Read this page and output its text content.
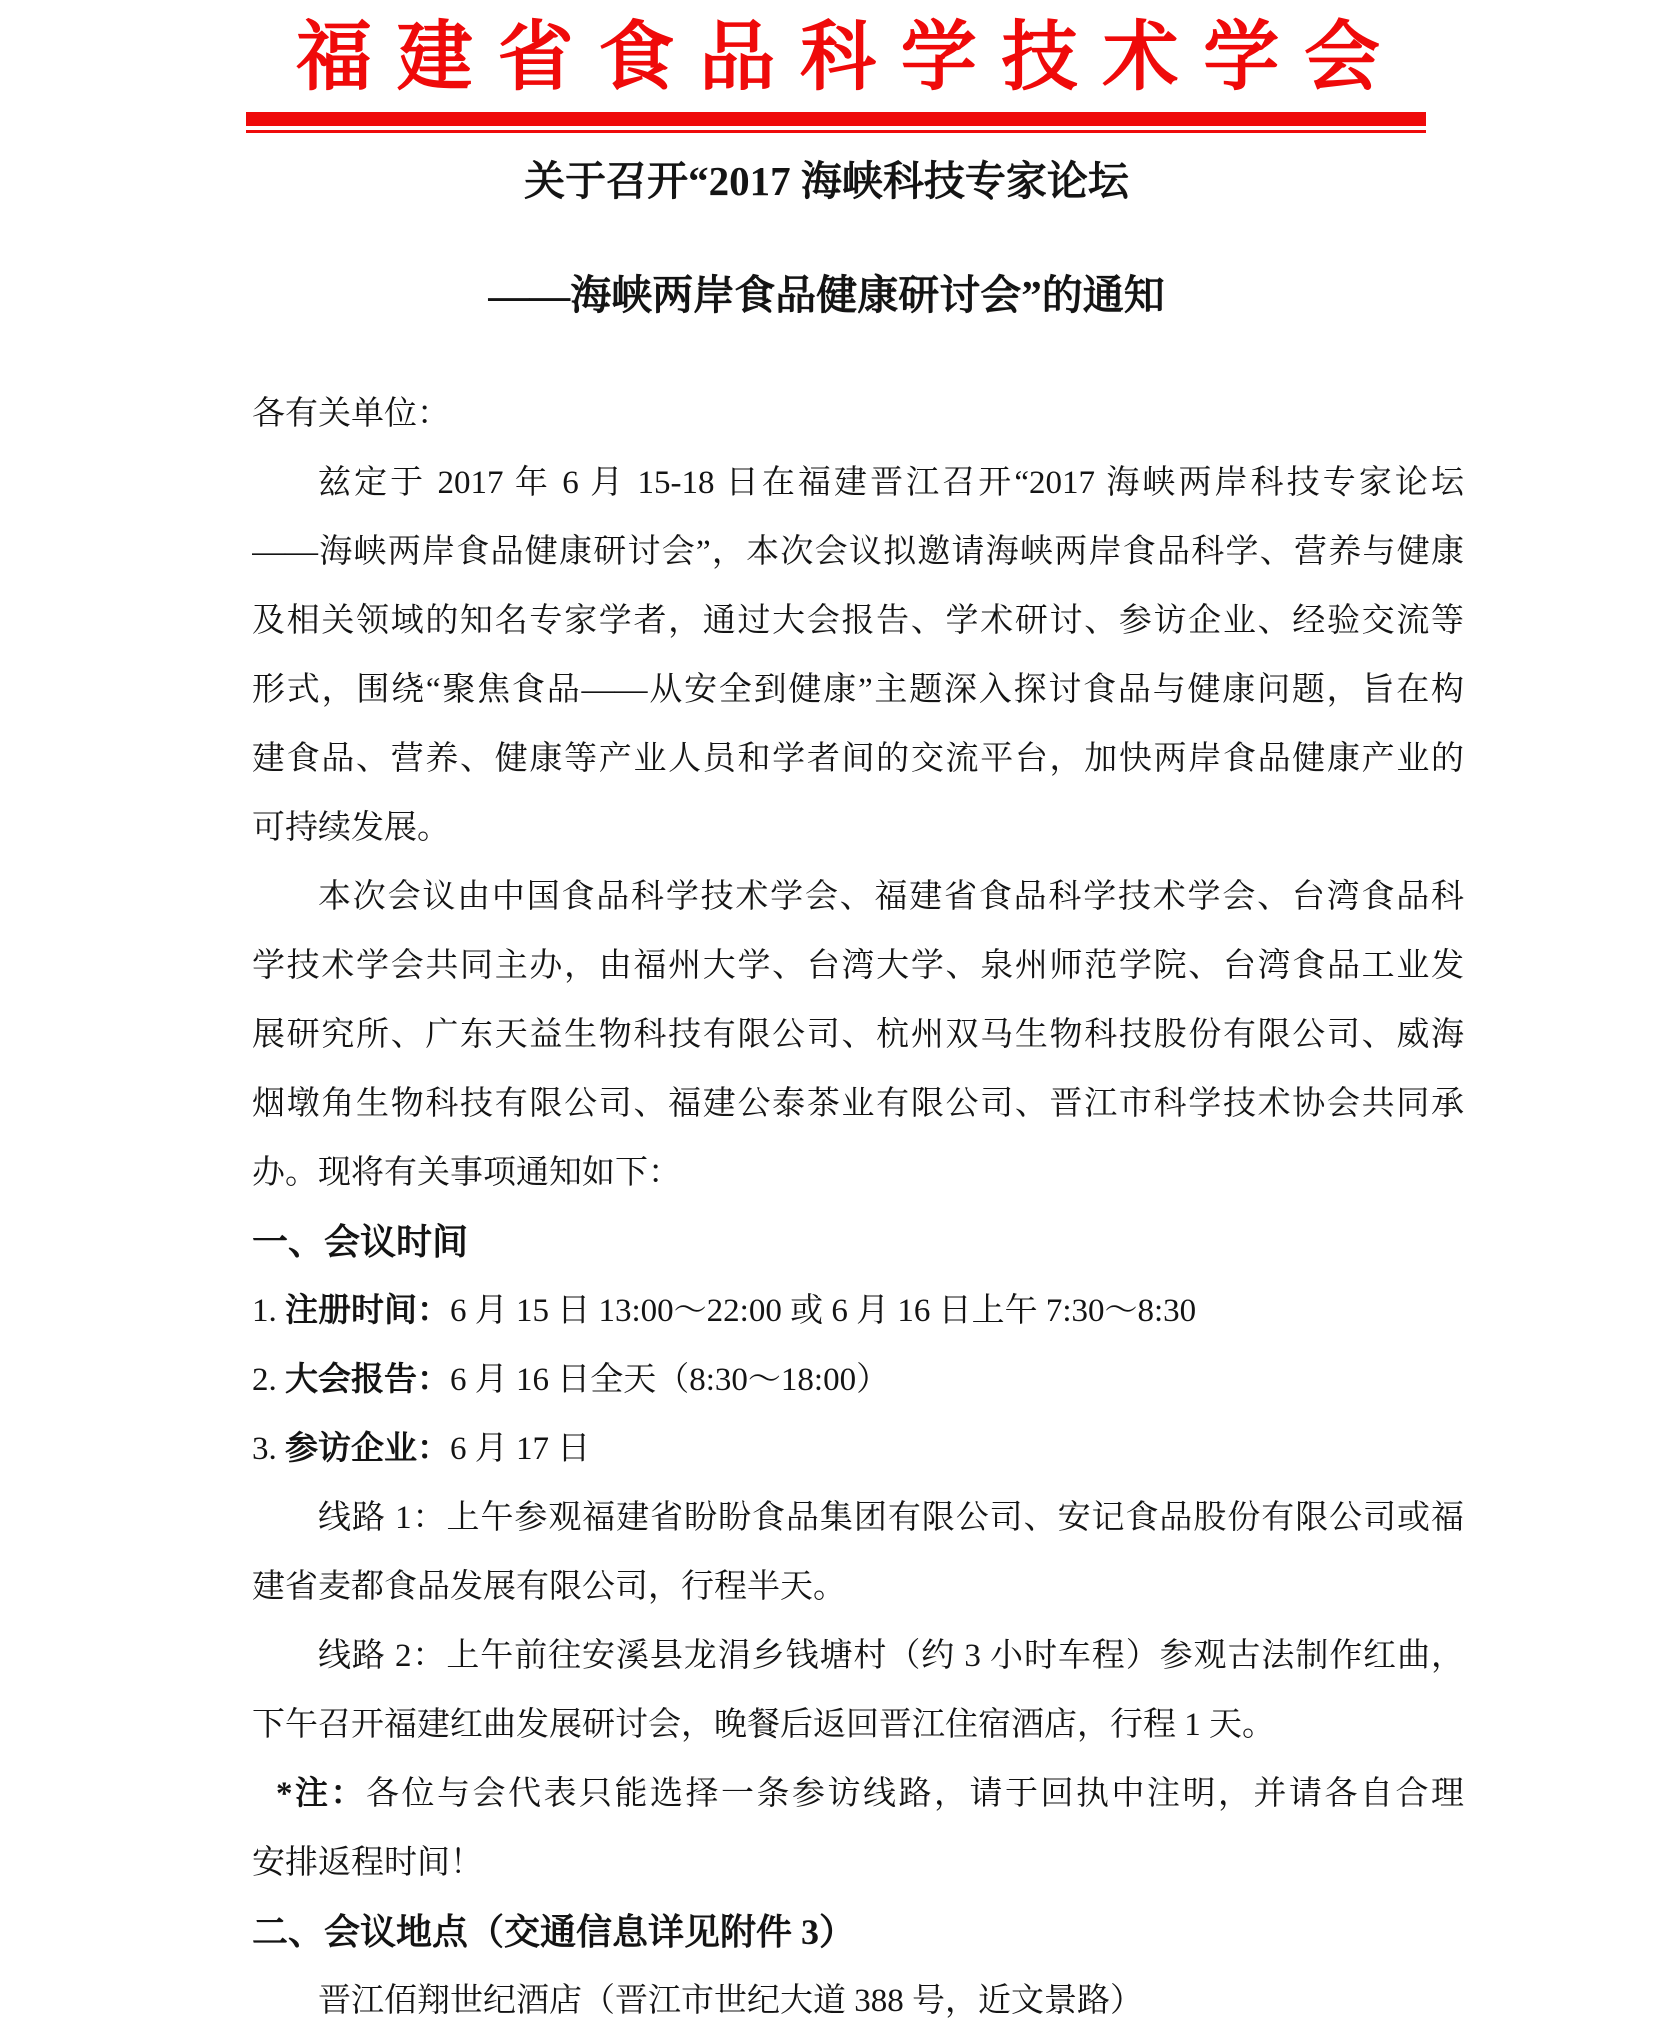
福建省食品科学技术学会
关于召开“2017 海峡科技专家论坛
——海峡两岸食品健康研讨会”的通知
各有关单位：
兹定于 2017 年 6 月 15-18 日在福建晋江召开“2017 海峡两岸科技专家论坛
——海峡两岸食品健康研讨会”，本次会议拟邀请海峡两岸食品科学、营养与健康
及相关领域的知名专家学者，通过大会报告、学术研讨、参访企业、经验交流等
形式，围绕“聚焦食品——从安全到健康”主题深入探讨食品与健康问题，旨在构
建食品、营养、健康等产业人员和学者间的交流平台，加快两岸食品健康产业的
可持续发展。
本次会议由中国食品科学技术学会、福建省食品科学技术学会、台湾食品科
学技术学会共同主办，由福州大学、台湾大学、泉州师范学院、台湾食品工业发
展研究所、广东天益生物科技有限公司、杭州双马生物科技股份有限公司、威海
烟墩角生物科技有限公司、福建公泰茶业有限公司、晋江市科学技术协会共同承
办。现将有关事项通知如下：
一、会议时间
1. 注册时间：6 月 15 日 13:00～22:00 或 6 月 16 日上午 7:30～8:30
2. 大会报告：6 月 16 日全天（8:30～18:00）
3. 参访企业：6 月 17 日
线路 1：上午参观福建省盼盼食品集团有限公司、安记食品股份有限公司或福
建省麦都食品发展有限公司，行程半天。
线路 2：上午前往安溪县龙涓乡钱塘村（约 3 小时车程）参观古法制作红曲，
下午召开福建红曲发展研讨会，晚餐后返回晋江住宿酒店，行程 1 天。
*注：各位与会代表只能选择一条参访线路，请于回执中注明，并请各自合理
安排返程时间！
二、会议地点（交通信息详见附件 3）
晋江佰翔世纪酒店（晋江市世纪大道 388 号，近文景路）
